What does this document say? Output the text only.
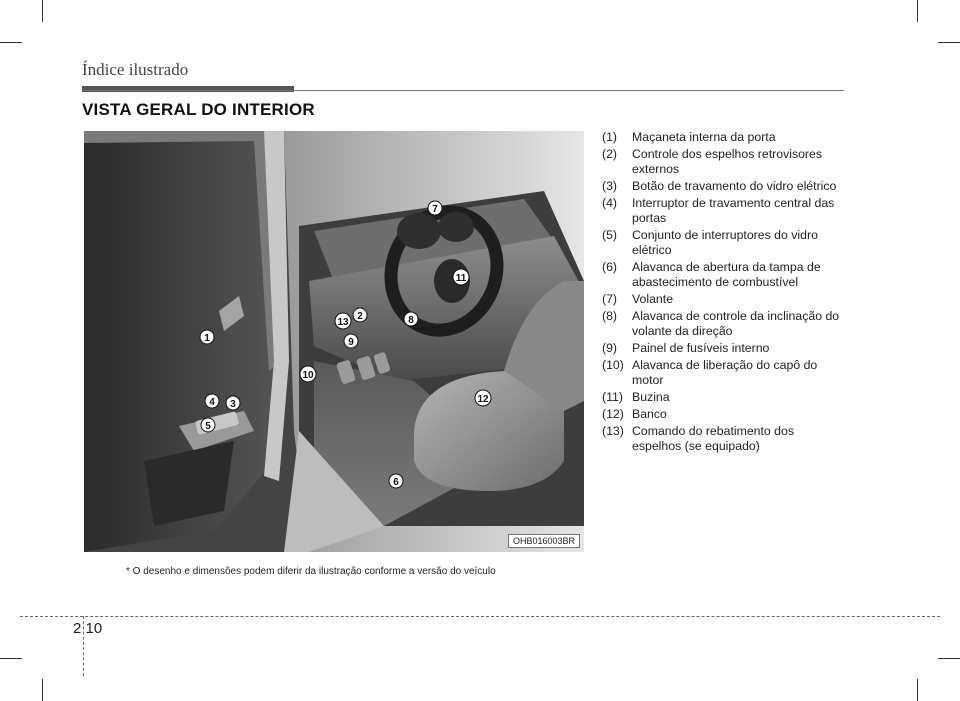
Índice ilustrado
VISTA GERAL DO INTERIOR
1
2
3
4
5
6
7
8
9
10
11
12
13
OHB016003BR
(1)	Maçaneta interna da porta
(2)	Controle dos espelhos retrovisores externos
(3)	Botão de travamento do vidro elétrico
(4)	Interruptor de travamento central das portas
(5)	Conjunto de interruptores do vidro elétrico
(6)	Alavanca de abertura da tampa de abastecimento de combustível
(7)	Volante
(8)	Alavanca de controle da inclinação do volante da direção
(9)	Painel de fusíveis interno
(10) Alavanca de liberação do capô do motor
(11) Buzina
(12) Banco
(13) Comando do rebatimento dos espelhos (se equipado)
* O desenho e dimensões podem diferir da ilustração conforme a versão do veículo
2 10
